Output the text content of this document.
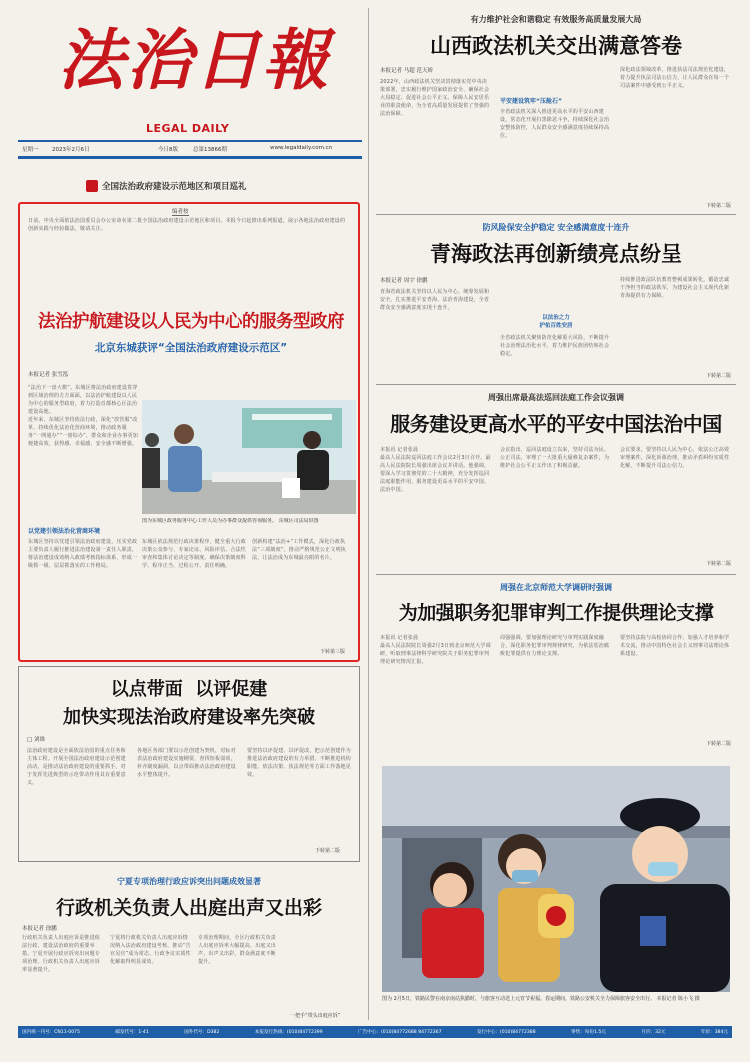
法治日報
LEGAL DAILY
星期一 2023年2月6日	今日8版	总第13866期	www.legaldaily.com.cn
全国法治政府建设示范地区和项目巡礼
编者按

日前，中央全面依法治国委员会办公室命名第二批全国法治政府建设示范地区和项目。本报今日起推出系列报道，展示各地法治政府建设的创新实践与经验做法，敬请关注。

法治护航建设以人民为中心的服务型政府
北京东城获评“全国法治政府建设示范区”
本报记者 张雪泓

“法治下一盘大棋”。东城区将法治政府建设贯穿到区域治理的方方面面，以法治护航建设以人民为中心的服务型政府，着力打造首都核心区法治建设高地。

近年来，东城区坚持依法行政，深化“放管服”改革，持续优化法治化营商环境，推动政务服务“一网通办”“一窗综办”，群众和企业办事更加便捷高效，获得感、幸福感、安全感不断增强。

图为东城区政务服务中心工作人员为办事群众提供咨询服务。 东城区司法局供图
以党建引领法治化营商环境

东城区坚持以党建引领法治政府建设，压实党政主要负责人履行推进法治建设第一责任人职责，将法治建设成效纳入政绩考核指标体系，形成一级抓一级、层层抓落实的工作格局。

东城区依法规范行政决策程序，健全重大行政决策公众参与、专家论证、风险评估、合法性审查和集体讨论决定等制度，确保决策制度科学、程序正当、过程公开、责任明确。

创新构建“法治+”工作模式，深化行政执法“三项制度”，推动严格规范公正文明执法，让法治成为东城最亮眼的名片。

下转第三版
以点带面  以评促建
加快实现法治政府建设率先突破
□ 刘维

法治政府建设是全面依法治国的重点任务和主体工程。开展全国法治政府建设示范创建活动，是推动法治政府建设的重要抓手，对于发挥先进典型的示范带动作用具有重要意义。

各地区各部门要以示范创建为契机，对标对表法治政府建设实施纲要，查找短板弱项，补齐制度漏洞，以点带面推动法治政府建设水平整体提升。

要坚持以评促建、以评促改，把示范创建作为推进法治政府建设的有力举措，不断推进机构职能、依法决策、执法规范等方面工作落地见效。

下转第二版
宁夏专项治理行政应诉突出问题成效显著
行政机关负责人出庭出声又出彩
本报记者 徐鹏

行政机关负责人出庭应诉是推进依法行政、建设法治政府的重要举措。宁夏开展行政应诉突出问题专项治理，行政机关负责人出庭应诉率显著提升。

宁夏将行政机关负责人出庭应诉情况纳入法治政府建设考核，推动“告官见官”成为常态，行政争议实质性化解取得明显成效。

专项治理期间，全区行政机关负责人出庭应诉率大幅提高，出庭又出声，出声又出彩，群众满意度不断提升。

一把手“带头出庭应诉”
有力维护社会和谐稳定 有效服务高质量发展大局
山西政法机关交出满意答卷
本报记者 马超 范天娇

2022年，山西政法机关坚决贯彻落实党中央决策部署，忠实履行维护国家政治安全、确保社会大局稳定、促进社会公平正义、保障人民安居乐业的职责使命，为全省高质量发展提供了坚强的法治保障。

平安建设筑牢“压舱石”

全省政法机关深入推进更高水平的平安山西建设，常态化开展扫黑除恶斗争，持续深化社会治安整体防控，人民群众安全感满意度持续保持高位。

深化政法领域改革，推进执法司法规范化建设，着力提升执法司法公信力，让人民群众在每一个司法案件中感受到公平正义。

下转第二版
防风险保安全护稳定 安全感满意度十连升
青海政法再创新绩亮点纷呈
本报记者 周宇 徐鹏

青海省政法机关坚持以人民为中心，统筹发展和安全，扎实推进平安青海、法治青海建设，全省群众安全感满意度实现十连升。

以法治之力
护佑百姓安居

全省政法机关聚焦防范化解重大风险，不断提升社会治理法治化水平，着力维护民族团结和社会稳定。

持续推进政法队伍教育整顿成果转化，锻造忠诚干净担当的政法铁军，为建设社会主义现代化新青海提供有力保障。

下转第二版
周强出席最高法巡回法庭工作会议强调
服务建设更高水平的平安中国法治中国

本报讯 记者张晨

最高人民法院巡回法庭工作会议2月3日召开。最高人民法院院长周强出席会议并讲话。他强调，要深入学习贯彻党的二十大精神，充分发挥巡回法庭职能作用，服务建设更高水平的平安中国、法治中国。

会议指出，巡回法庭设立以来，坚持司法为民、公正司法，审理了一大批重大疑难复杂案件，为维护社会公平正义作出了积极贡献。

会议要求，要坚持以人民为中心，依法公正高效审理案件，深化诉源治理，推动矛盾纠纷实质性化解，不断提升司法公信力。

下转第二版
周强在北京师范大学调研时强调
为加强职务犯罪审判工作提供理论支撑

本报讯 记者张晨

最高人民法院院长周强2月3日到北京师范大学调研，听取刑事法律科学研究院关于职务犯罪审判理论研究情况汇报。

周强强调，要加强理论研究与审判实践深度融合，深化职务犯罪审判规律研究，为依法惩治腐败犯罪提供有力理论支撑。

要坚持法院与高校协同合作，加强人才培养和学术交流，推动中国特色社会主义刑事司法理论体系建设。

下转第二版
图为 2月5日，铁路民警在南京南站执勤时，与旅客互动送上元宵节祝福。春运期间，铁路公安机关全力保障旅客安全出行。 本报记者 陈小飞 摄
国内统一刊号：CN11-0075	邮发代号：1-41	国外代号：D382	本报发行热线：(010)84772399	广告中心：(010)84772688 84772367	发行中心：(010)84772388	零售：每份1.5元	月价：32元	年价：384元
